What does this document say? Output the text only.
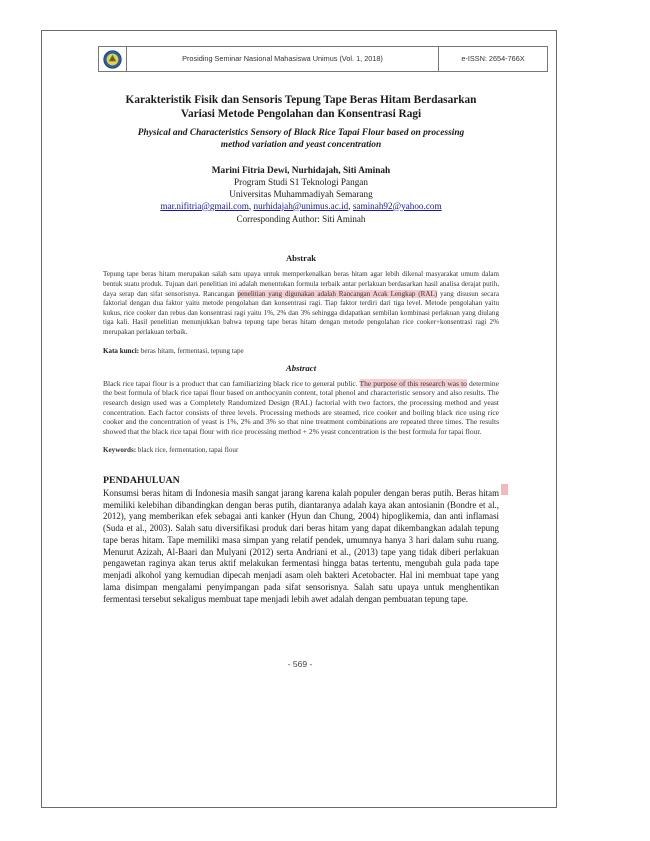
Prosiding Seminar Nasional Mahasiswa Unimus (Vol. 1, 2018)	e-ISSN: 2654-766X
Karakteristik Fisik dan Sensoris Tepung Tape Beras Hitam Berdasarkan
Variasi Metode Pengolahan dan Konsentrasi Ragi

Physical and Characteristics Sensory of Black Rice Tapai Flour based on processing
method variation and yeast concentration

Marini Fitria Dewi, Nurhidajah, Siti Aminah
Program Studi S1 Teknologi Pangan
Universitas Muhammadiyah Semarang
mar.nifitria@gmail.com, nurhidajah@unimus.ac.id, saminah92@yahoo.com
Corresponding Author: Siti Aminah
Abstrak

Tepung tape beras hitam merupakan salah satu upaya untuk memperkenalkan beras hitam agar lebih dikenal masyarakat umum dalam bentuk suatu produk. Tujuan dari penelitian ini adalah menentukan formula terbaik antar perlakuan berdasarkan hasil analisa derajat putih, daya serap dan sifat sensorisnya. Rancangan penelitian yang digunakan adalah Rancangan Acak Lengkap (RAL) yang disusun secara faktorial dengan dua faktor yaitu metode pengolahan dan konsentrasi ragi. Tiap faktor terdiri dari tiga level. Metode pengolahan yaitu kukus, rice cooker dan rebus dan konsentrasi ragi yaitu 1%, 2% dan 3% sehingga didapatkan sembilan kombinasi perlakuan yang diulang tiga kali. Hasil penelitian menunjukkan bahwa tepung tape beras hitam dengan metode pengolahan rice cooker+konsentrasi ragi 2% merupakan perlakuan terbaik.

Kata kunci: beras hitam, fermentasi, tepung tape
Abstract

Black rice tapai flour is a product that can familiarizing black rice to general public. The purpose of this research was to determine the best formula of black rice tapai flour based on anthocyanin content, total phenol and characteristic sensory and also results. The research design used was a Completely Randomized Design (RAL) factorial with two factors, the processing method and yeast concentration. Each factor consists of three levels. Processing methods are steamed, rice cooker and boiling black rice using rice cooker and the concentration of yeast is 1%, 2% and 3% so that nine treatment combinations are repeated three times. The results showed that the black rice tapai flour with rice processing method + 2% yeast concentration is the best formula for tapai flour.

Keywords: black rice, fermentation, tapai flour
PENDAHULUAN

Konsumsi beras hitam di Indonesia masih sangat jarang karena kalah populer dengan beras putih. Beras hitam memiliki kelebihan dibandingkan dengan beras putih, diantaranya adalah kaya akan antosianin (Bondre et al., 2012), yang memberikan efek sebagai anti kanker (Hyun dan Chung, 2004) hipoglikemia, dan anti inflamasi (Suda et al., 2003). Salah satu diversifikasi produk dari beras hitam yang dapat dikembangkan adalah tepung tape beras hitam. Tape memiliki masa simpan yang relatif pendek, umumnya hanya 3 hari dalam suhu ruang. Menurut Azizah, Al-Baari dan Mulyani (2012) serta Andriani et al., (2013) tape yang tidak diberi perlakuan pengawetan raginya akan terus aktif melakukan fermentasi hingga batas tertentu, mengubah gula pada tape menjadi alkohol yang kemudian dipecah menjadi asam oleh bakteri Acetobacter. Hal ini membuat tape yang lama disimpan mengalami penyimpangan pada sifat sensorisnya. Salah satu upaya untuk menghentikan fermentasi tersebut sekaligus membuat tape menjadi lebih awet adalah dengan pembuatan tepung tape.

- 569 -
